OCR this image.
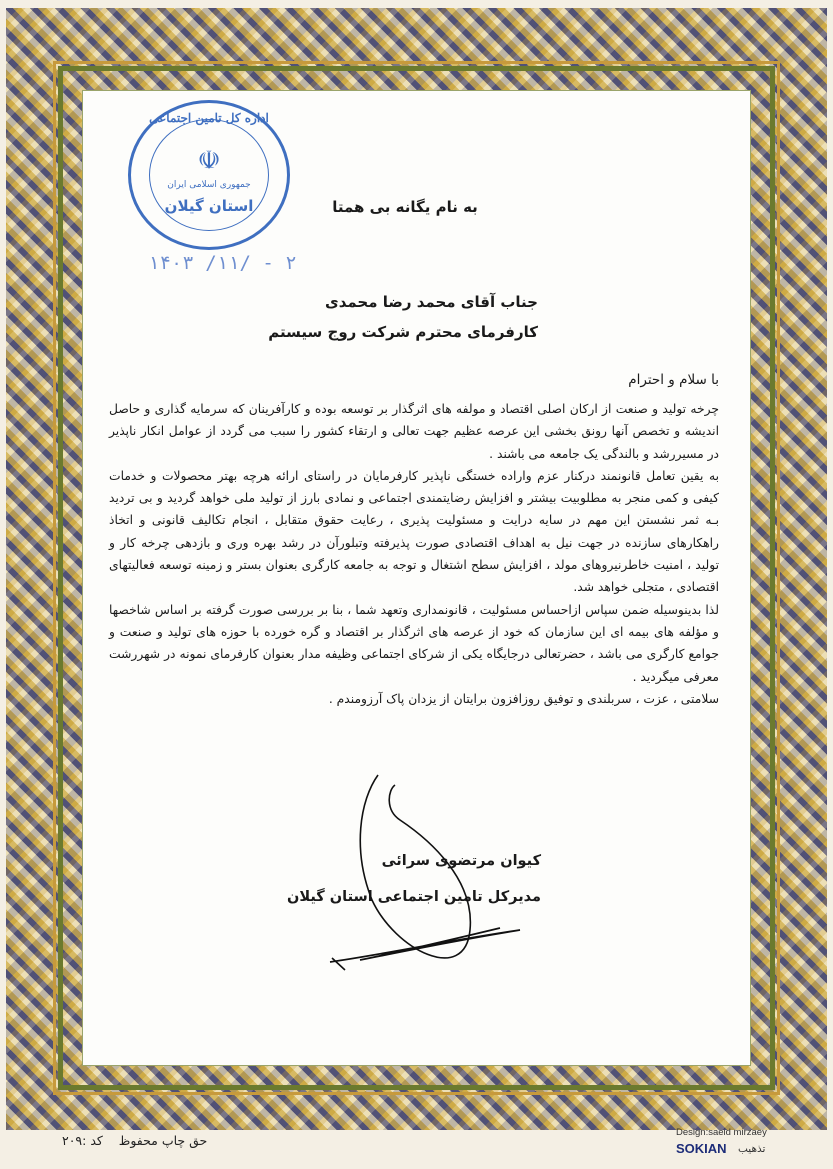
اداره کل تامین اجتماعی
☫
جمهوری اسلامی ایران
استان گیلان
۱۴۰۳ /۱۱/ - ۲
به نام یگانه بی همتا
جناب آقای محمد رضا محمدی
کارفرمای محترم شرکت روج سیستم
با سلام و احترام

چرخه تولید و صنعت از ارکان اصلی اقتصاد و مولفه های اثرگذار بر توسعه بوده و کارآفرینان که سرمایه گذاری و حاصل اندیشه و تخصص آنها رونق بخشی این عرصه عظیم جهت تعالی و ارتقاء کشور را سبب می گردد از عوامل انکار ناپذیر در مسیررشد و بالندگی یک جامعه می باشند .

به یقین تعامل قانونمند درکنار عزم واراده خستگی ناپذیر کارفرمایان در راستای ارائه هرچه بهتر محصولات و خدمات کیفی و کمی منجر به مطلوبیت بیشتر و افزایش رضایتمندی اجتماعی و نمادی بارز از تولید ملی خواهد گردید و بی تردید بـه ثمر نشستن این مهم در سایه درایت و مسئولیت پذیری ، رعایت حقوق متقابل ، انجام تکالیف قانونی و اتخاذ راهکارهای سازنده در جهت نیل به اهداف اقتصادی صورت پذیرفته وتبلورآن در رشد بهره وری و بازدهی چرخه کار و تولید ، امنیت خاطرنیروهای مولد ، افزایش سطح اشتغال و توجه به جامعه کارگری بعنوان بستر و زمینه توسعه فعالیتهای اقتصادی ، متجلی خواهد شد.

لذا بدینوسیله ضمن سپاس ازاحساس مسئولیت ، قانونمداری وتعهد شما ، بنا بر بررسی صورت گرفته بر اساس شاخصها و مؤلفه های بیمه ای این سازمان که خود از عرصه های اثرگذار بر اقتصاد و گره خورده با حوزه های تولید و صنعت و جوامع کارگری می باشد ، حضرتعالی درجایگاه یکی از شرکای اجتماعی وظیفه مدار بعنوان کارفرمای نمونه در شهررشت معرفی میگردید .

سلامتی ، عزت ، سربلندی و توفیق روزافزون برایتان از یزدان پاک آرزومندم .

کیوان مرتضوی سرائی
مدیرکل تامین اجتماعی استان گیلان
حق چاپ محفوظ    کد :۲۰۹
Design:saeid mirzaey
SOKIAN تذهیب
